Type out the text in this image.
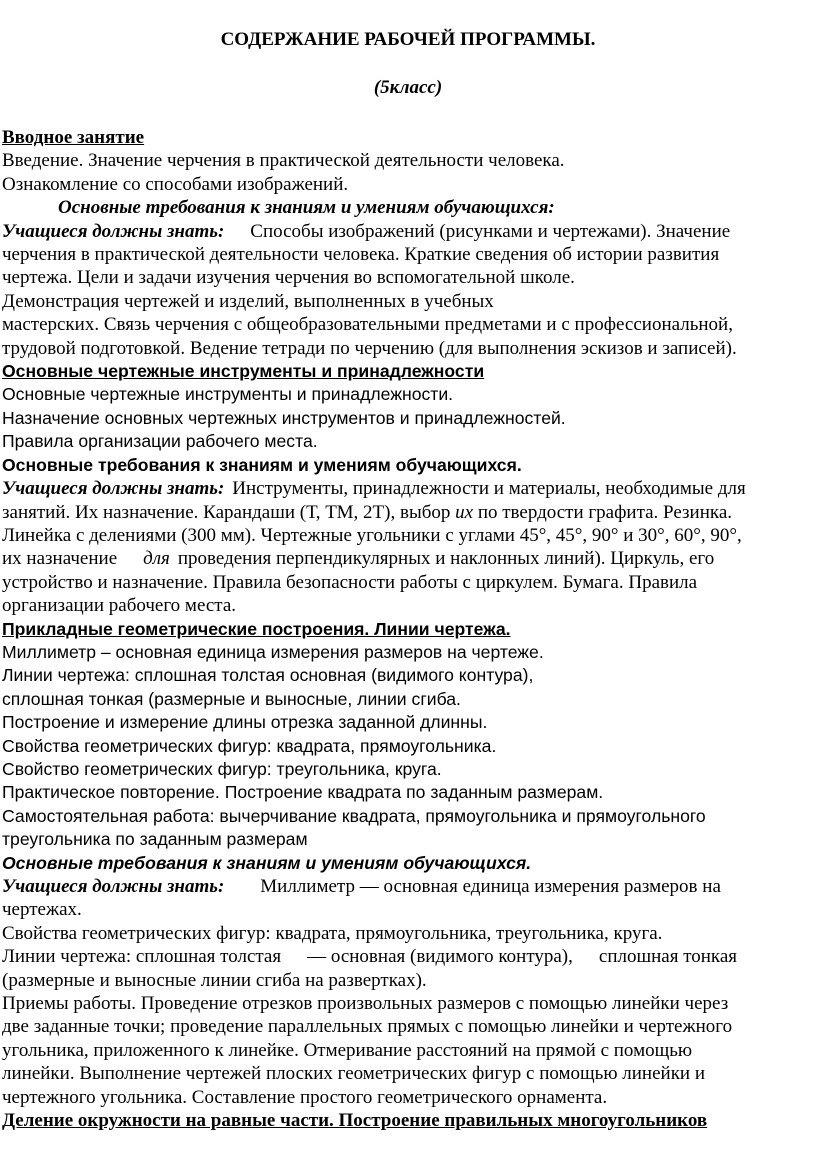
СОДЕРЖАНИЕ РАБОЧЕЙ ПРОГРАММЫ.
(5класс)

Вводное занятие

Введение. Значение черчения в практической деятельности человека.

Ознакомление со способами изображений.

Основные требования к знаниям и умениям обучающихся:

Учащиеся должны знать: Способы изображений (рисунками и чертежами). Значение

черчения в практической деятельности человека. Краткие сведения об истории развития

чертежа. Цели и задачи изучения черчения во вспомогательной школе.

Демонстрация чертежей и изделий, выполненных в учебных

мастерских. Связь черчения с общеобразовательными предметами и с профессиональной,

трудовой подготовкой. Ведение тетради по черчению (для выполнения эскизов и записей).

Основные чертежные инструменты и принадлежности

Основные чертежные инструменты и принадлежности.

Назначение основных чертежных инструментов и принадлежностей.

Правила организации рабочего места.

Основные требования к знаниям и умениям обучающихся.

Учащиеся должны знать: Инструменты, принадлежности и материалы, необходимые для

занятий. Их назначение. Карандаши (Т, ТМ, 2Т), выбор их по твердости графита. Резинка.

Линейка с делениями (300 мм). Чертежные угольники с углами 45°, 45°, 90° и 30°, 60°, 90°,

их назначение для проведения перпендикулярных и наклонных линий). Циркуль, его

устройство и назначение. Правила безопасности работы с циркулем. Бумага. Правила

организации рабочего места.

Прикладные геометрические построения. Линии чертежа.

Миллиметр – основная единица измерения размеров на чертеже.

Линии чертежа: сплошная толстая основная (видимого контура),

сплошная тонкая (размерные и выносные, линии сгиба.

Построение и измерение длины отрезка заданной длинны.

Свойства геометрических фигур: квадрата, прямоугольника.

Свойство геометрических фигур: треугольника, круга.

Практическое повторение. Построение квадрата по заданным размерам.

Самостоятельная работа: вычерчивание квадрата, прямоугольника и прямоугольного

треугольника по заданным размерам

Основные требования к знаниям и умениям обучающихся.

Учащиеся должны знать: Миллиметр — основная единица измерения размеров на

чертежах.

Свойства геометрических фигур: квадрата, прямоугольника, треугольника, круга.

Линии чертежа: сплошная толстая — основная (видимого контура), сплошная тонкая

(размерные и выносные линии сгиба на развертках).

Приемы работы. Проведение отрезков произвольных размеров с помощью линейки через

две заданные точки; проведение параллельных прямых с помощью линейки и чертежного

угольника, приложенного к линейке. Отмеривание расстояний на прямой с помощью

линейки. Выполнение чертежей плоских геометрических фигур с помощью линейки и

чертежного угольника. Составление простого геометрического орнамента.

Деление окружности на равные части. Построение правильных многоугольников
